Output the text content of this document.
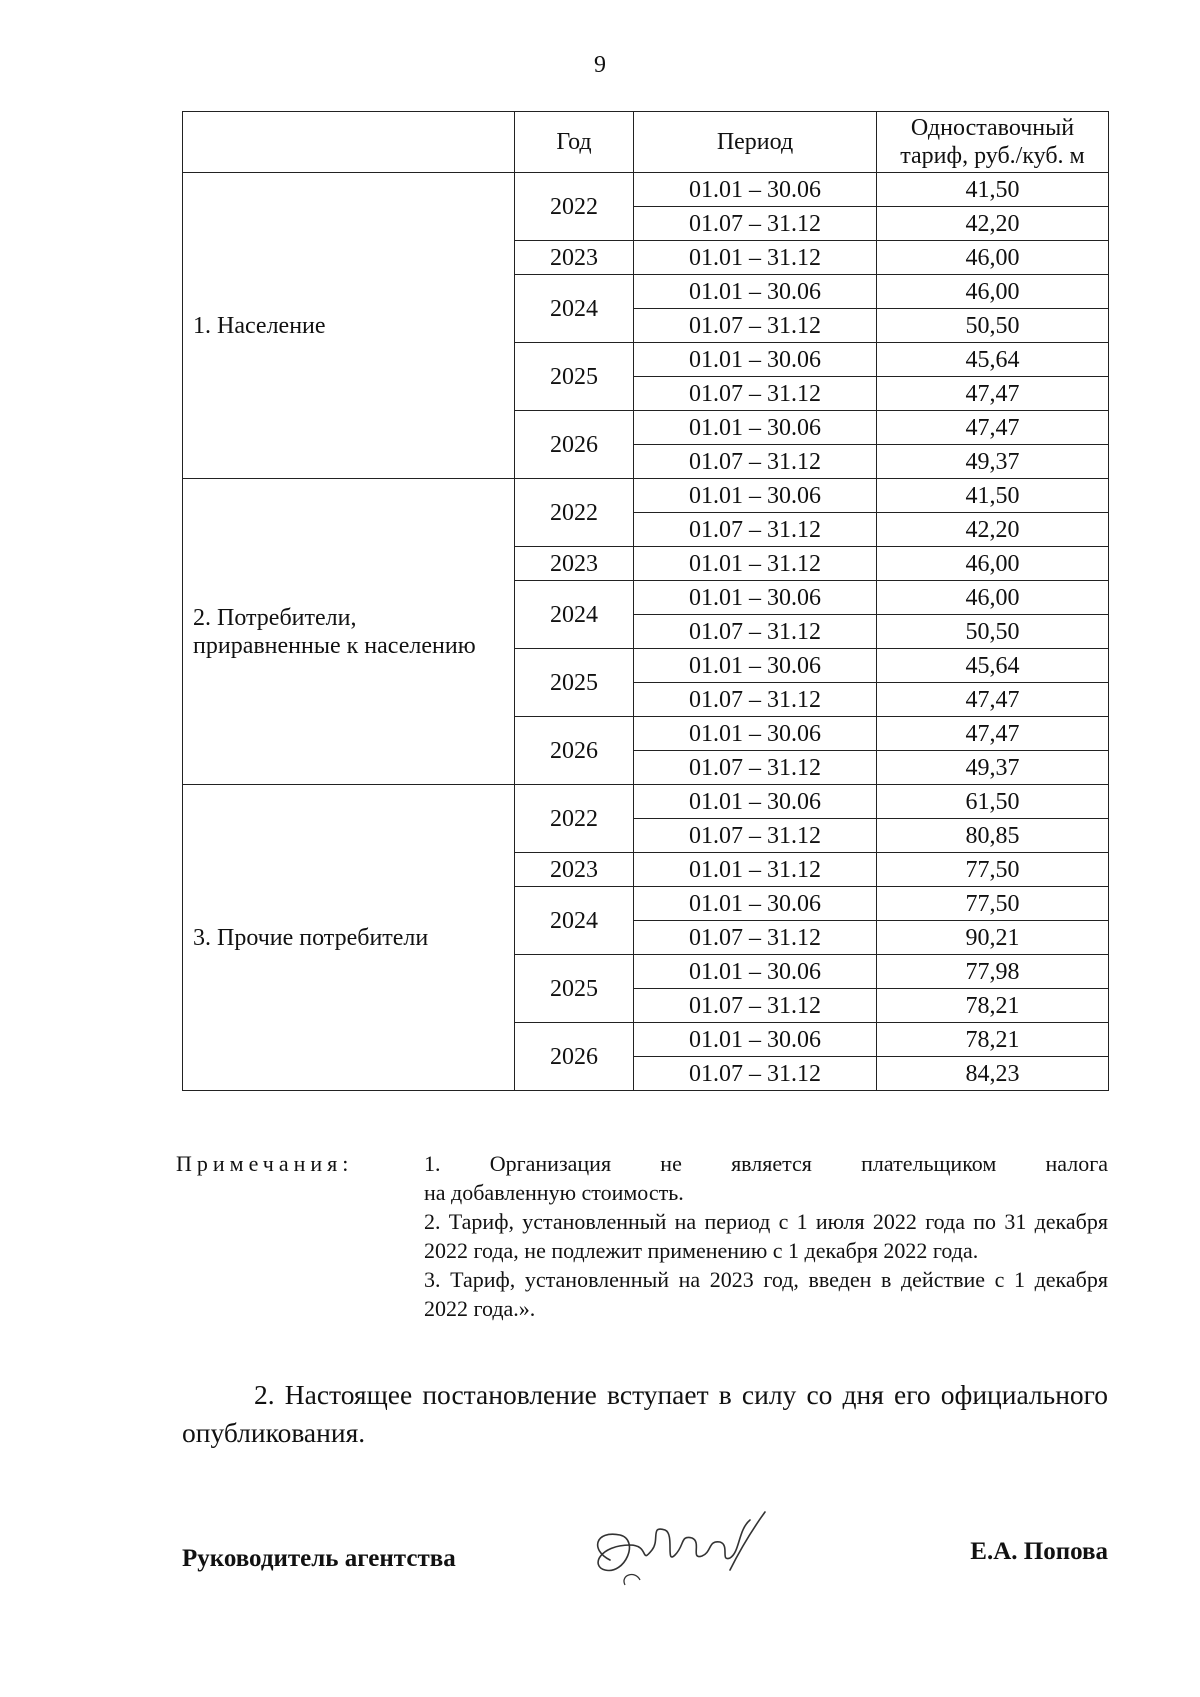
9
	Год	Период	Одноставочный
тариф, руб./куб. м
1. Население	2022	01.01 – 30.06	41,50
		01.07 – 31.12	42,20
	2023	01.01 – 31.12	46,00
	2024	01.01 – 30.06	46,00
		01.07 – 31.12	50,50
	2025	01.01 – 30.06	45,64
		01.07 – 31.12	47,47
	2026	01.01 – 30.06	47,47
		01.07 – 31.12	49,37
2. Потребители,
приравненные к населению	2022	01.01 – 30.06	41,50
		01.07 – 31.12	42,20
	2023	01.01 – 31.12	46,00
	2024	01.01 – 30.06	46,00
		01.07 – 31.12	50,50
	2025	01.01 – 30.06	45,64
		01.07 – 31.12	47,47
	2026	01.01 – 30.06	47,47
		01.07 – 31.12	49,37
3. Прочие потребители	2022	01.01 – 30.06	61,50
		01.07 – 31.12	80,85
	2023	01.01 – 31.12	77,50
	2024	01.01 – 30.06	77,50
		01.07 – 31.12	90,21
	2025	01.01 – 30.06	77,98
		01.07 – 31.12	78,21
	2026	01.01 – 30.06	78,21
		01.07 – 31.12	84,23
Примечания:	1. Организация не является плательщиком налога

на добавленную стоимость.

2. Тариф, установленный на период с 1 июля 2022 года по 31 декабря 2022 года, не подлежит применению с 1 декабря 2022 года.

3. Тариф, установленный на 2023 год, введен в действие с 1 декабря 2022 года.».

2. Настоящее постановление вступает в силу со дня его официального опубликования.
Руководитель агентства	Е.А. Попова
